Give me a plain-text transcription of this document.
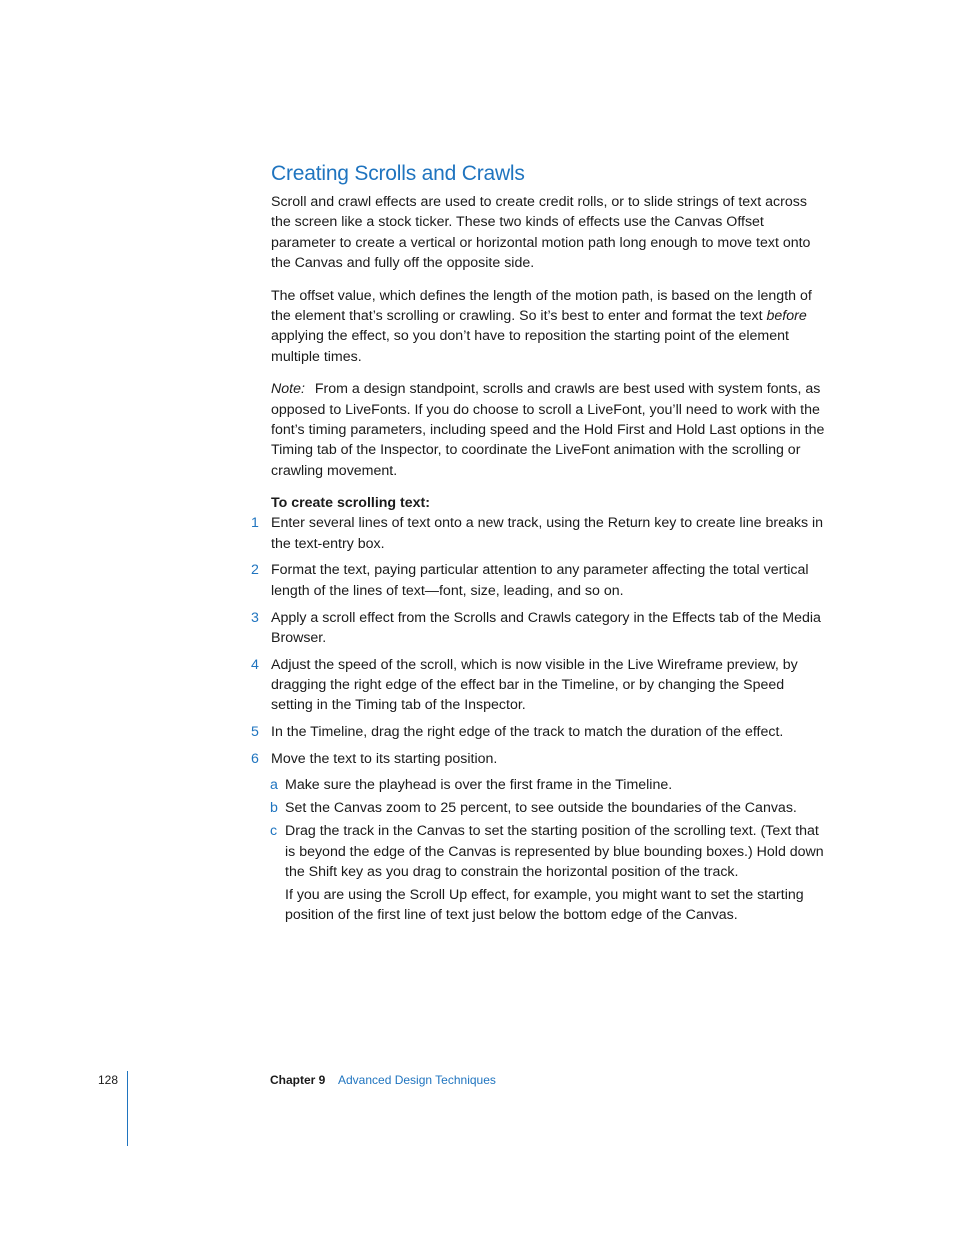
Creating Scrolls and Crawls

Scroll and crawl effects are used to create credit rolls, or to slide strings of text across the screen like a stock ticker. These two kinds of effects use the Canvas Offset parameter to create a vertical or horizontal motion path long enough to move text onto the Canvas and fully off the opposite side.

The offset value, which defines the length of the motion path, is based on the length of the element that’s scrolling or crawling. So it’s best to enter and format the text before applying the effect, so you don’t have to reposition the starting point of the element multiple times.

Note: From a design standpoint, scrolls and crawls are best used with system fonts, as opposed to LiveFonts. If you do choose to scroll a LiveFont, you’ll need to work with the font’s timing parameters, including speed and the Hold First and Hold Last options in the Timing tab of the Inspector, to coordinate the LiveFont animation with the scrolling or crawling movement.

To create scrolling text:
1 Enter several lines of text onto a new track, using the Return key to create line breaks in the text-entry box.
2 Format the text, paying particular attention to any parameter affecting the total vertical length of the lines of text—font, size, leading, and so on.
3 Apply a scroll effect from the Scrolls and Crawls category in the Effects tab of the Media Browser.
4 Adjust the speed of the scroll, which is now visible in the Live Wireframe preview, by dragging the right edge of the effect bar in the Timeline, or by changing the Speed setting in the Timing tab of the Inspector.
5 In the Timeline, drag the right edge of the track to match the duration of the effect.
6 Move the text to its starting position.
a Make sure the playhead is over the first frame in the Timeline.
b Set the Canvas zoom to 25 percent, to see outside the boundaries of the Canvas.
c Drag the track in the Canvas to set the starting position of the scrolling text. (Text that is beyond the edge of the Canvas is represented by blue bounding boxes.) Hold down the Shift key as you drag to constrain the horizontal position of the track.
If you are using the Scroll Up effect, for example, you might want to set the starting position of the first line of text just below the bottom edge of the Canvas.
128	Chapter 9 Advanced Design Techniques
